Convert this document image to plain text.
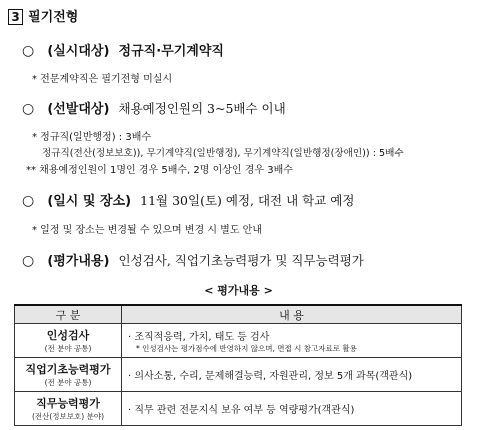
3 필기전형
○ (실시대상) 정규직·무기계약직
* 전문계약직은 필기전형 미실시
○ (선발대상) 채용예정인원의 3~5배수 이내
* 정규직(일반행정) : 3배수
정규직(전산(정보보호)), 무기계약직(일반행정), 무기계약직(일반행정(장애인)) : 5배수
** 채용예정인원이 1명인 경우 5배수, 2명 이상인 경우 3배수
○ (일시 및 장소) 11월 30일(토) 예정, 대전 내 학교 예정
* 일정 및 장소는 변경될 수 있으며 변경 시 별도 안내
○ (평가내용) 인성검사, 직업기초능력평가 및 직무능력평가
< 평가내용 >
구 분	내 용

인성검사
(전 분야 공통)	· 조직적응력, 가치, 태도 등 검사
* 인성검사는 평가점수에 반영하지 않으며, 면접 시 참고자료로 활용

직업기초능력평가
(전 분야 공통)	· 의사소통, 수리, 문제해결능력, 자원관리, 정보 5개 과목(객관식)

직무능력평가
(전산(정보보호) 분야)	· 직무 관련 전문지식 보유 여부 등 역량평가(객관식)
